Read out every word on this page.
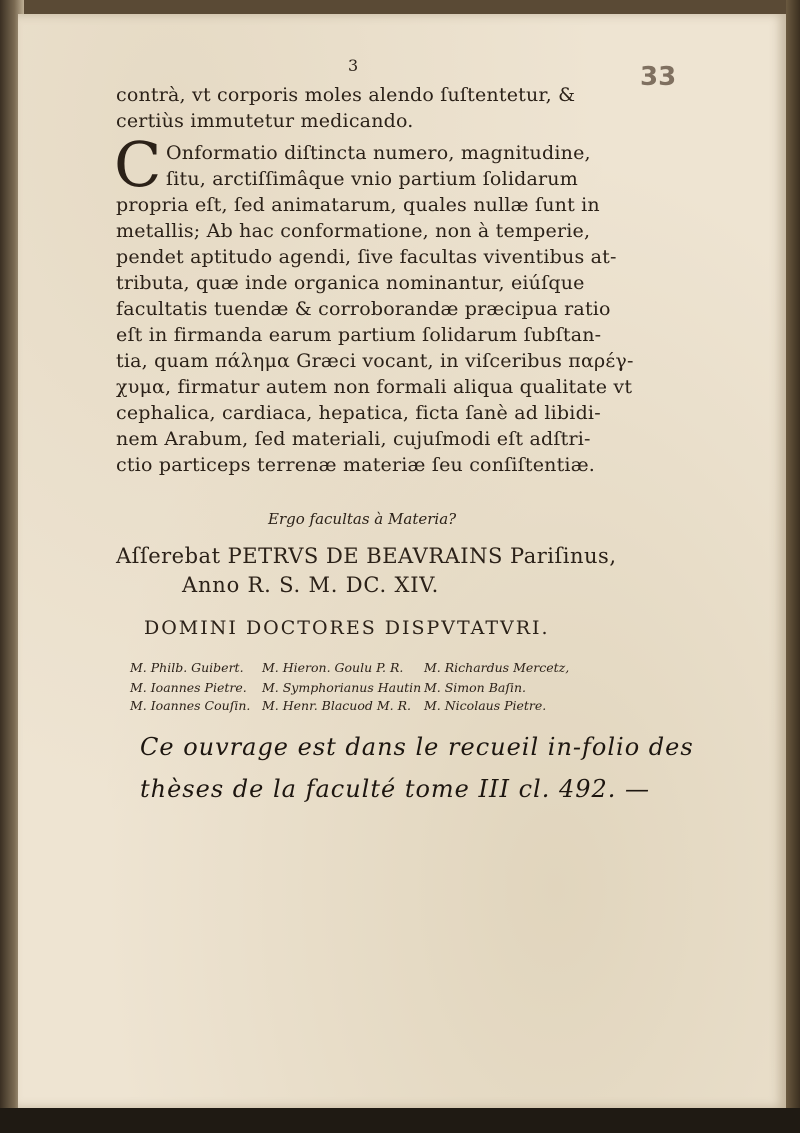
3	33
contrà, vt corporis moles alendo ſuſtentetur, &
certiùs immutetur medicando.
C Onformatio diſtincta numero, magnitudine,
ſitu, arctiſſimâque vnio partium ſolidarum
propria eſt, ſed animatarum, quales nullæ ſunt in
metallis; Ab hac conformatione, non à temperie,
pendet aptitudo agendi, ſive facultas viventibus at-
tributa, quæ inde organica nominantur, eiúſque
facultatis tuendæ & corroborandæ præcipua ratio
eſt in firmanda earum partium ſolidarum ſubſtan-
tia, quam πάλημα Græci vocant, in viſceribus παρέγ-
χυμα, firmatur autem non formali aliqua qualitate vt
cephalica, cardiaca, hepatica, ficta ſanè ad libidi-
nem Arabum, ſed materiali, cujuſmodi eſt adſtri-
ctio particeps terrenæ materiæ ſeu conſiſtentiæ.
Ergo facultas à Materia?
Aſſerebat PETRVS DE BEAVRAINS Pariſinus,
Anno R. S. M. DC. XIV.
DOMINI DOCTORES DISPVTATVRI.
M. Philb. Guibert. M. Hieron. Goulu P. R. M. Richardus Mercetz,
M. Ioannes Pietre. M. Symphorianus Hautin M. Simon Baſin.
M. Ioannes Couſin. M. Henr. Blacuod M. R. M. Nicolaus Pietre.
Ce ouvrage est dans le recueil in-folio des
thèses de la faculté tome III cl. 492. —
